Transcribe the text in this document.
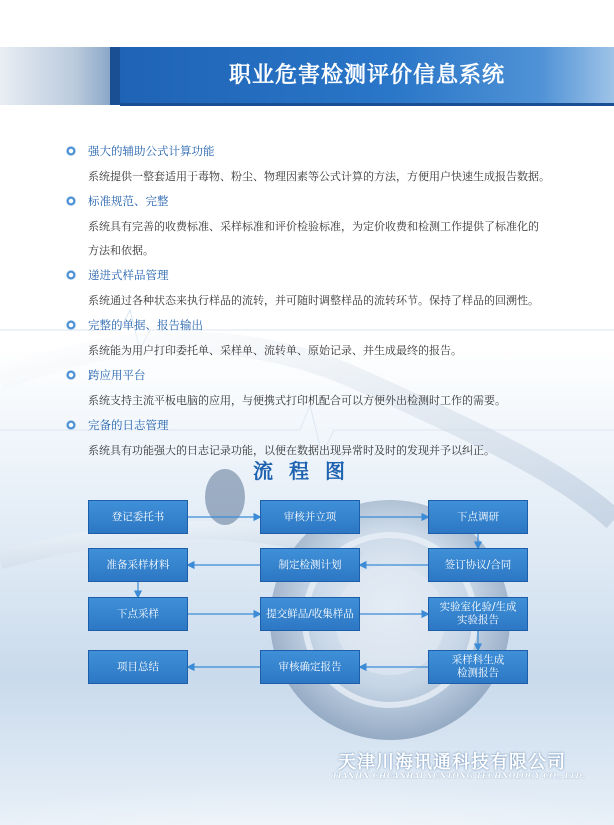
职业危害检测评价信息系统
强大的辅助公式计算功能
系统提供一整套适用于毒物、粉尘、物理因素等公式计算的方法，方便用户快速生成报告数据。
标准规范、完整
系统具有完善的收费标准、采样标准和评价检验标准，为定价收费和检测工作提供了标准化的
方法和依据。
递进式样品管理
系统通过各种状态来执行样品的流转，并可随时调整样品的流转环节。保持了样品的回溯性。
完整的单据、报告输出
系统能为用户打印委托单、采样单、流转单、原始记录、并生成最终的报告。
跨应用平台
系统支持主流平板电脑的应用，与便携式打印机配合可以方便外出检测时工作的需要。
完备的日志管理
系统具有功能强大的日志记录功能，以便在数据出现异常时及时的发现并予以纠正。
流程图
登记委托书	审核并立项	下点调研
签订协议/合同
制定检测计划
准备采样材料
下点采样	提交鲜品/收集样品
实验室化验/生成
实验报告
采样科生成
检测报告
审核确定报告
项目总结
天津川海讯通科技有限公司
TIANJIN CHUANHAI XUNTONG TECHNOLOGY CO., LTD.
